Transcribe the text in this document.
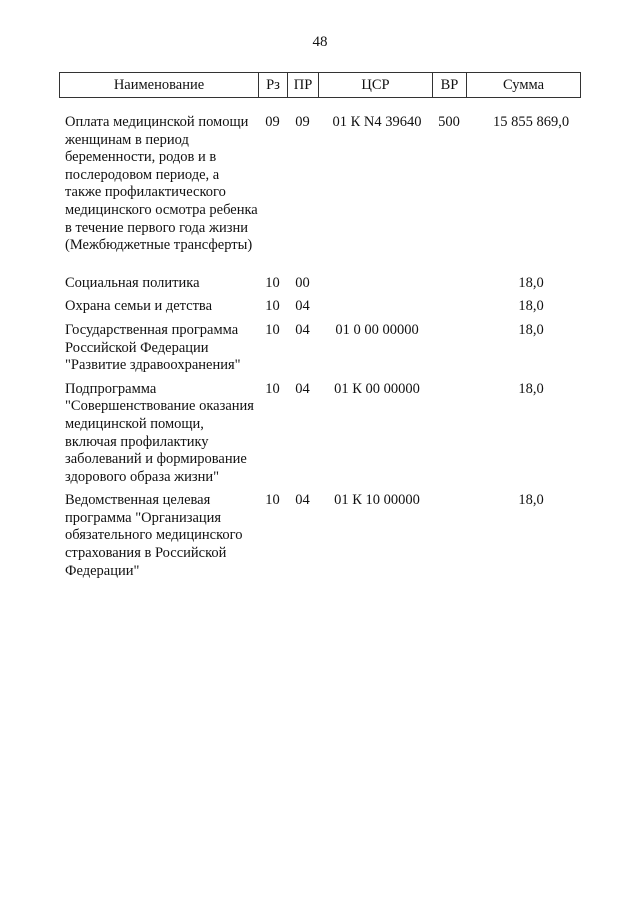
48
Наименование	Рз	ПР	ЦСР	ВР	Сумма
Оплата медицинской помощи женщинам в период беременности, родов и в послеродовом периоде, а также профилактического медицинского осмотра ребенка в течение первого года жизни (Межбюджетные трансферты)	09	09	01 К N4 39640	500	15 855 869,0
Социальная политика	10	00			18,0
Охрана семьи и детства	10	04			18,0
Государственная программа Российской Федерации "Развитие здравоохранения"	10	04	01 0 00 00000		18,0
Подпрограмма "Совершенствование оказания медицинской помощи, включая профилактику заболеваний и формирование здорового образа жизни"	10	04	01 К 00 00000		18,0
Ведомственная целевая программа "Организация обязательного медицинского страхования в Российской Федерации"	10	04	01 К 10 00000		18,0
